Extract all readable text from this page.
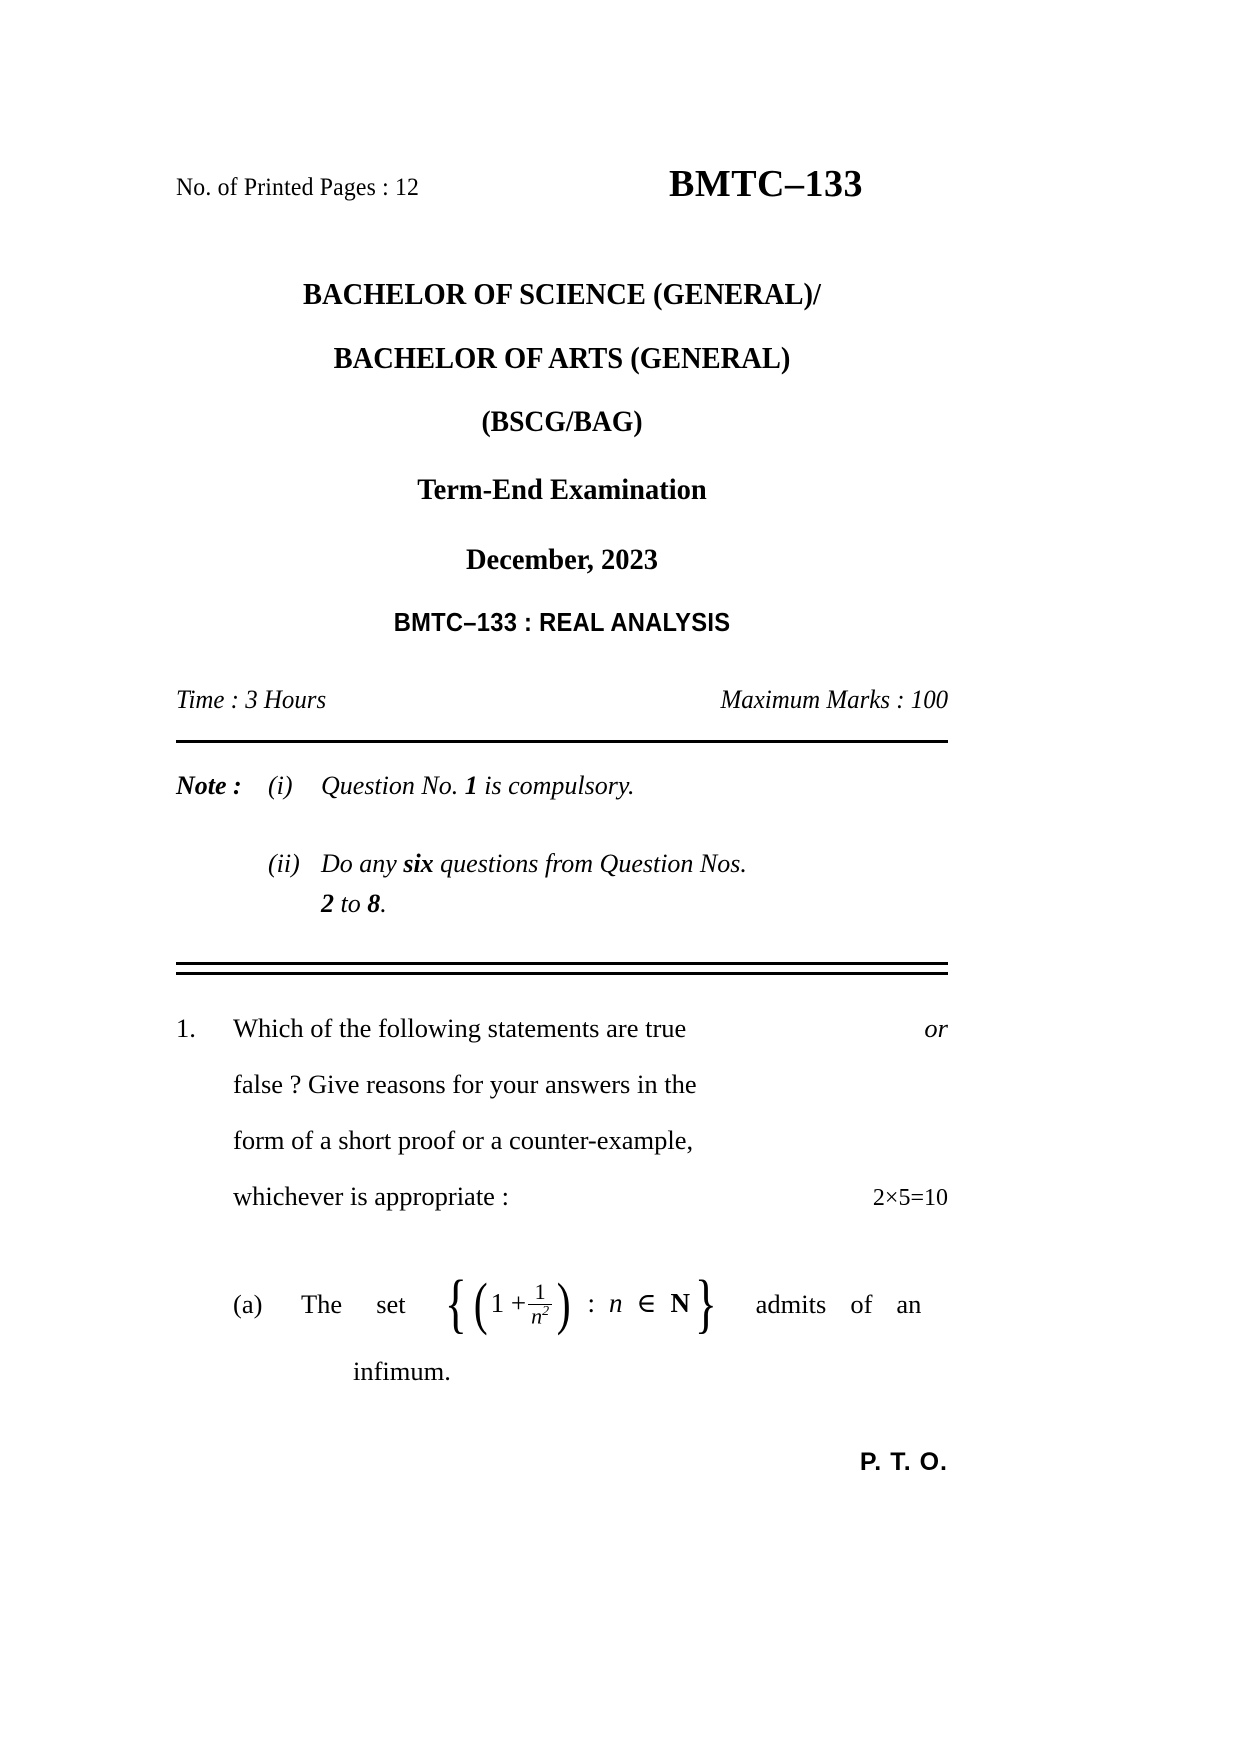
No. of Printed Pages : 12	BMTC–133
BACHELOR OF SCIENCE (GENERAL)/
BACHELOR OF ARTS (GENERAL)
(BSCG/BAG)
Term-End Examination
December, 2023
BMTC–133 : REAL ANALYSIS
Time : 3 Hours	Maximum Marks : 100
Note : (i) Question No. 1 is compulsory.
(ii) Do any six questions from Question Nos.
2 to 8.
1. Which of the following statements are true	or
false ? Give reasons for your answers in the
form of a short proof or a counter-example,
whichever is appropriate :	2×5=10
(a)	The set { ( $1 + \frac{1}{n^2}$ ) : n ∈ N } admits of an
infimum.
P. T. O.
